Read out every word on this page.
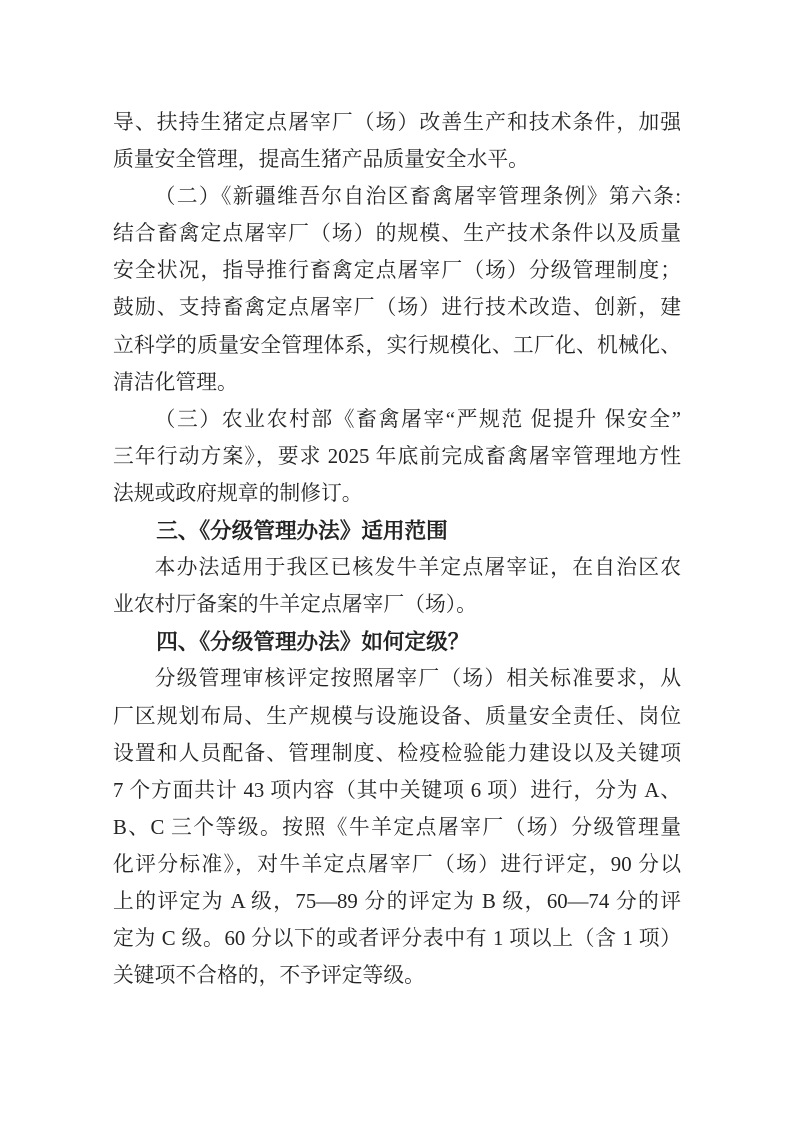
导、扶持生猪定点屠宰厂（场）改善生产和技术条件，加强
质量安全管理，提高生猪产品质量安全水平。
（二）《新疆维吾尔自治区畜禽屠宰管理条例》第六条:
结合畜禽定点屠宰厂（场）的规模、生产技术条件以及质量
安全状况，指导推行畜禽定点屠宰厂（场）分级管理制度；
鼓励、支持畜禽定点屠宰厂（场）进行技术改造、创新，建
立科学的质量安全管理体系，实行规模化、工厂化、机械化、
清洁化管理。
（三）农业农村部《畜禽屠宰“严规范 促提升 保安全”
三年行动方案》，要求 2025 年底前完成畜禽屠宰管理地方性
法规或政府规章的制修订。
三、《分级管理办法》适用范围
本办法适用于我区已核发牛羊定点屠宰证，在自治区农
业农村厅备案的牛羊定点屠宰厂（场）。
四、《分级管理办法》如何定级？
分级管理审核评定按照屠宰厂（场）相关标准要求，从
厂区规划布局、生产规模与设施设备、质量安全责任、岗位
设置和人员配备、管理制度、检疫检验能力建设以及关键项
7 个方面共计 43 项内容（其中关键项 6 项）进行，分为 A、
B、C 三个等级。按照《牛羊定点屠宰厂（场）分级管理量
化评分标准》，对牛羊定点屠宰厂（场）进行评定，90 分以
上的评定为 A 级，75—89 分的评定为 B 级，60—74 分的评
定为 C 级。60 分以下的或者评分表中有 1 项以上（含 1 项）
关键项不合格的，不予评定等级。
